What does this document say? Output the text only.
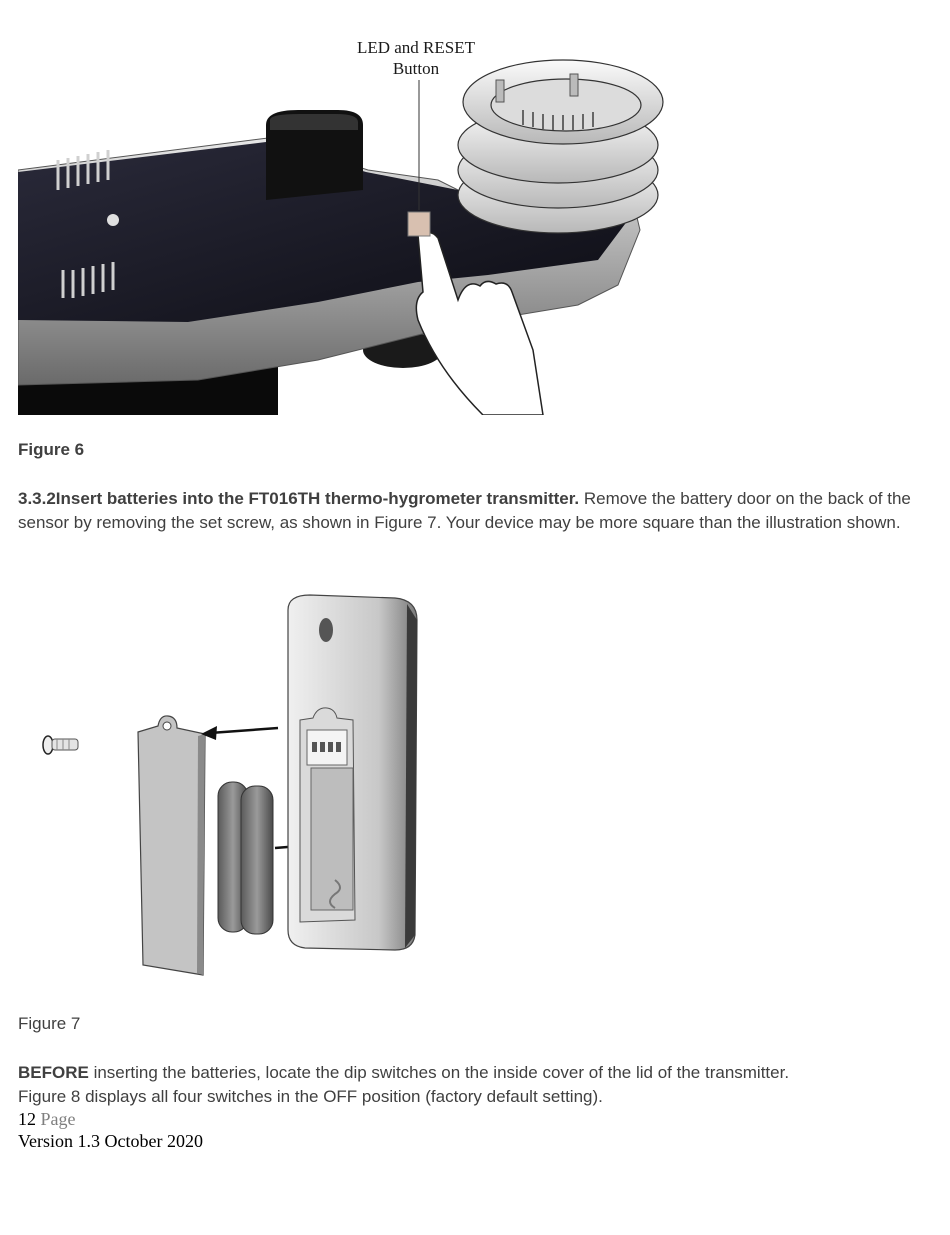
LED and RESET
Button
Figure 6
3.3.2Insert batteries into the FT016TH thermo-hygrometer transmitter. Remove the battery door on the back of the sensor by removing the set screw, as shown in Figure 7. Your device may be more square than the illustration shown.
Figure 7
BEFORE inserting the batteries, locate the dip switches on the inside cover of the lid of the transmitter.
Figure 8 displays all four switches in the OFF position (factory default setting).
12 Page
Version 1.3 October 2020
